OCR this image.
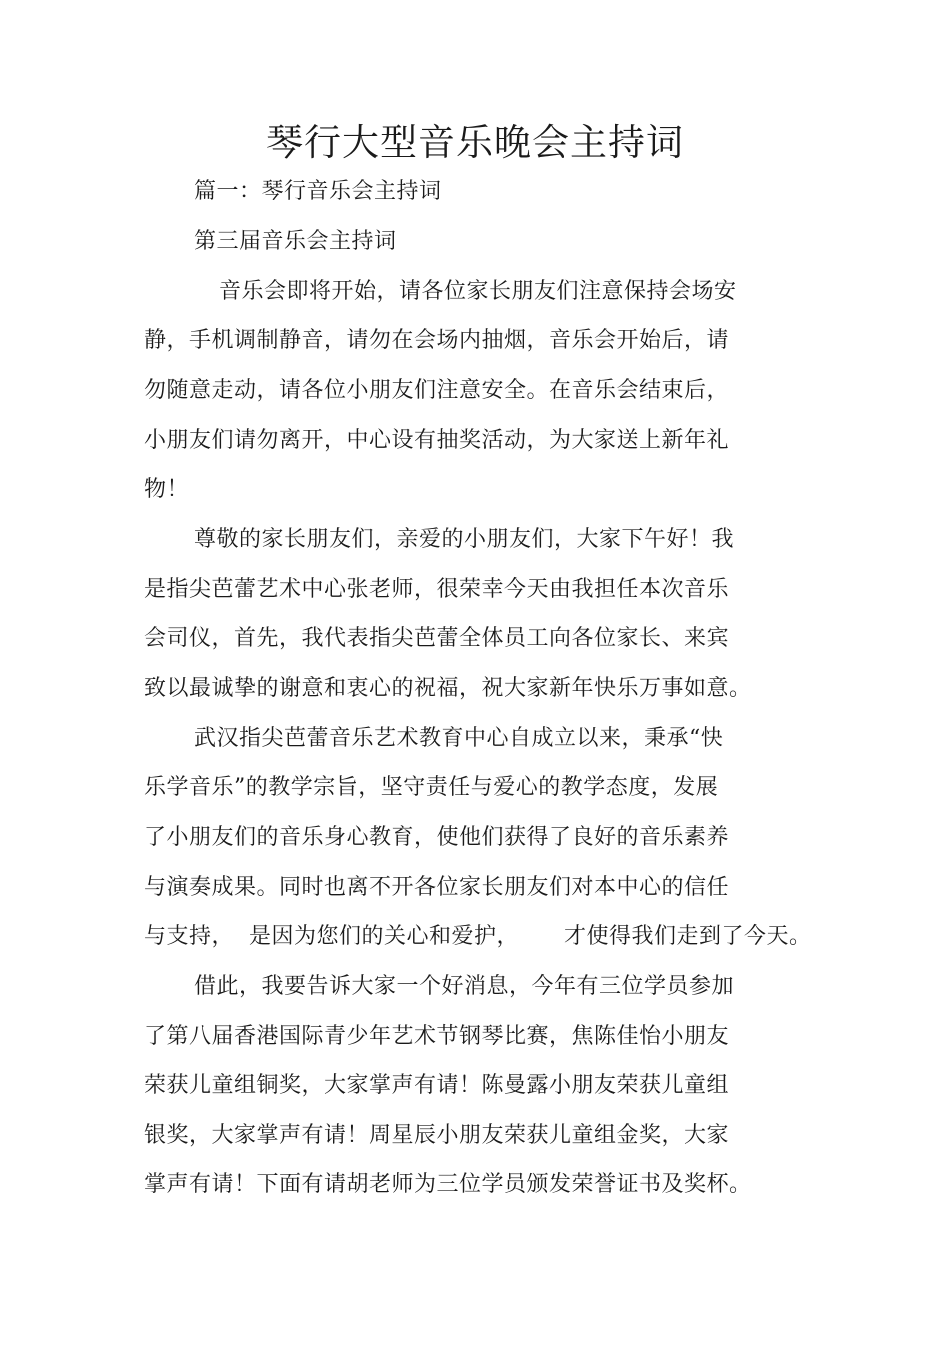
琴行大型音乐晚会主持词
篇一：琴行音乐会主持词
第三届音乐会主持词
音乐会即将开始，请各位家长朋友们注意保持会场安
静，手机调制静音，请勿在会场内抽烟，音乐会开始后，请
勿随意走动，请各位小朋友们注意安全。在音乐会结束后，
小朋友们请勿离开，中心设有抽奖活动，为大家送上新年礼
物！
尊敬的家长朋友们，亲爱的小朋友们，大家下午好！我
是指尖芭蕾艺术中心张老师，很荣幸今天由我担任本次音乐
会司仪，首先，我代表指尖芭蕾全体员工向各位家长、来宾
致以最诚挚的谢意和衷心的祝福，祝大家新年快乐万事如意。
武汉指尖芭蕾音乐艺术教育中心自成立以来，秉承“快
乐学音乐”的教学宗旨，坚守责任与爱心的教学态度，发展
了小朋友们的音乐身心教育，使他们获得了良好的音乐素养
与演奏成果。同时也离不开各位家长朋友们对本中心的信任
与支持，  是因为您们的关心和爱护，      才使得我们走到了今天。
借此，我要告诉大家一个好消息，今年有三位学员参加
了第八届香港国际青少年艺术节钢琴比赛，焦陈佳怡小朋友
荣获儿童组铜奖，大家掌声有请！陈曼露小朋友荣获儿童组
银奖，大家掌声有请！周星辰小朋友荣获儿童组金奖，大家
掌声有请！下面有请胡老师为三位学员颁发荣誉证书及奖杯。
